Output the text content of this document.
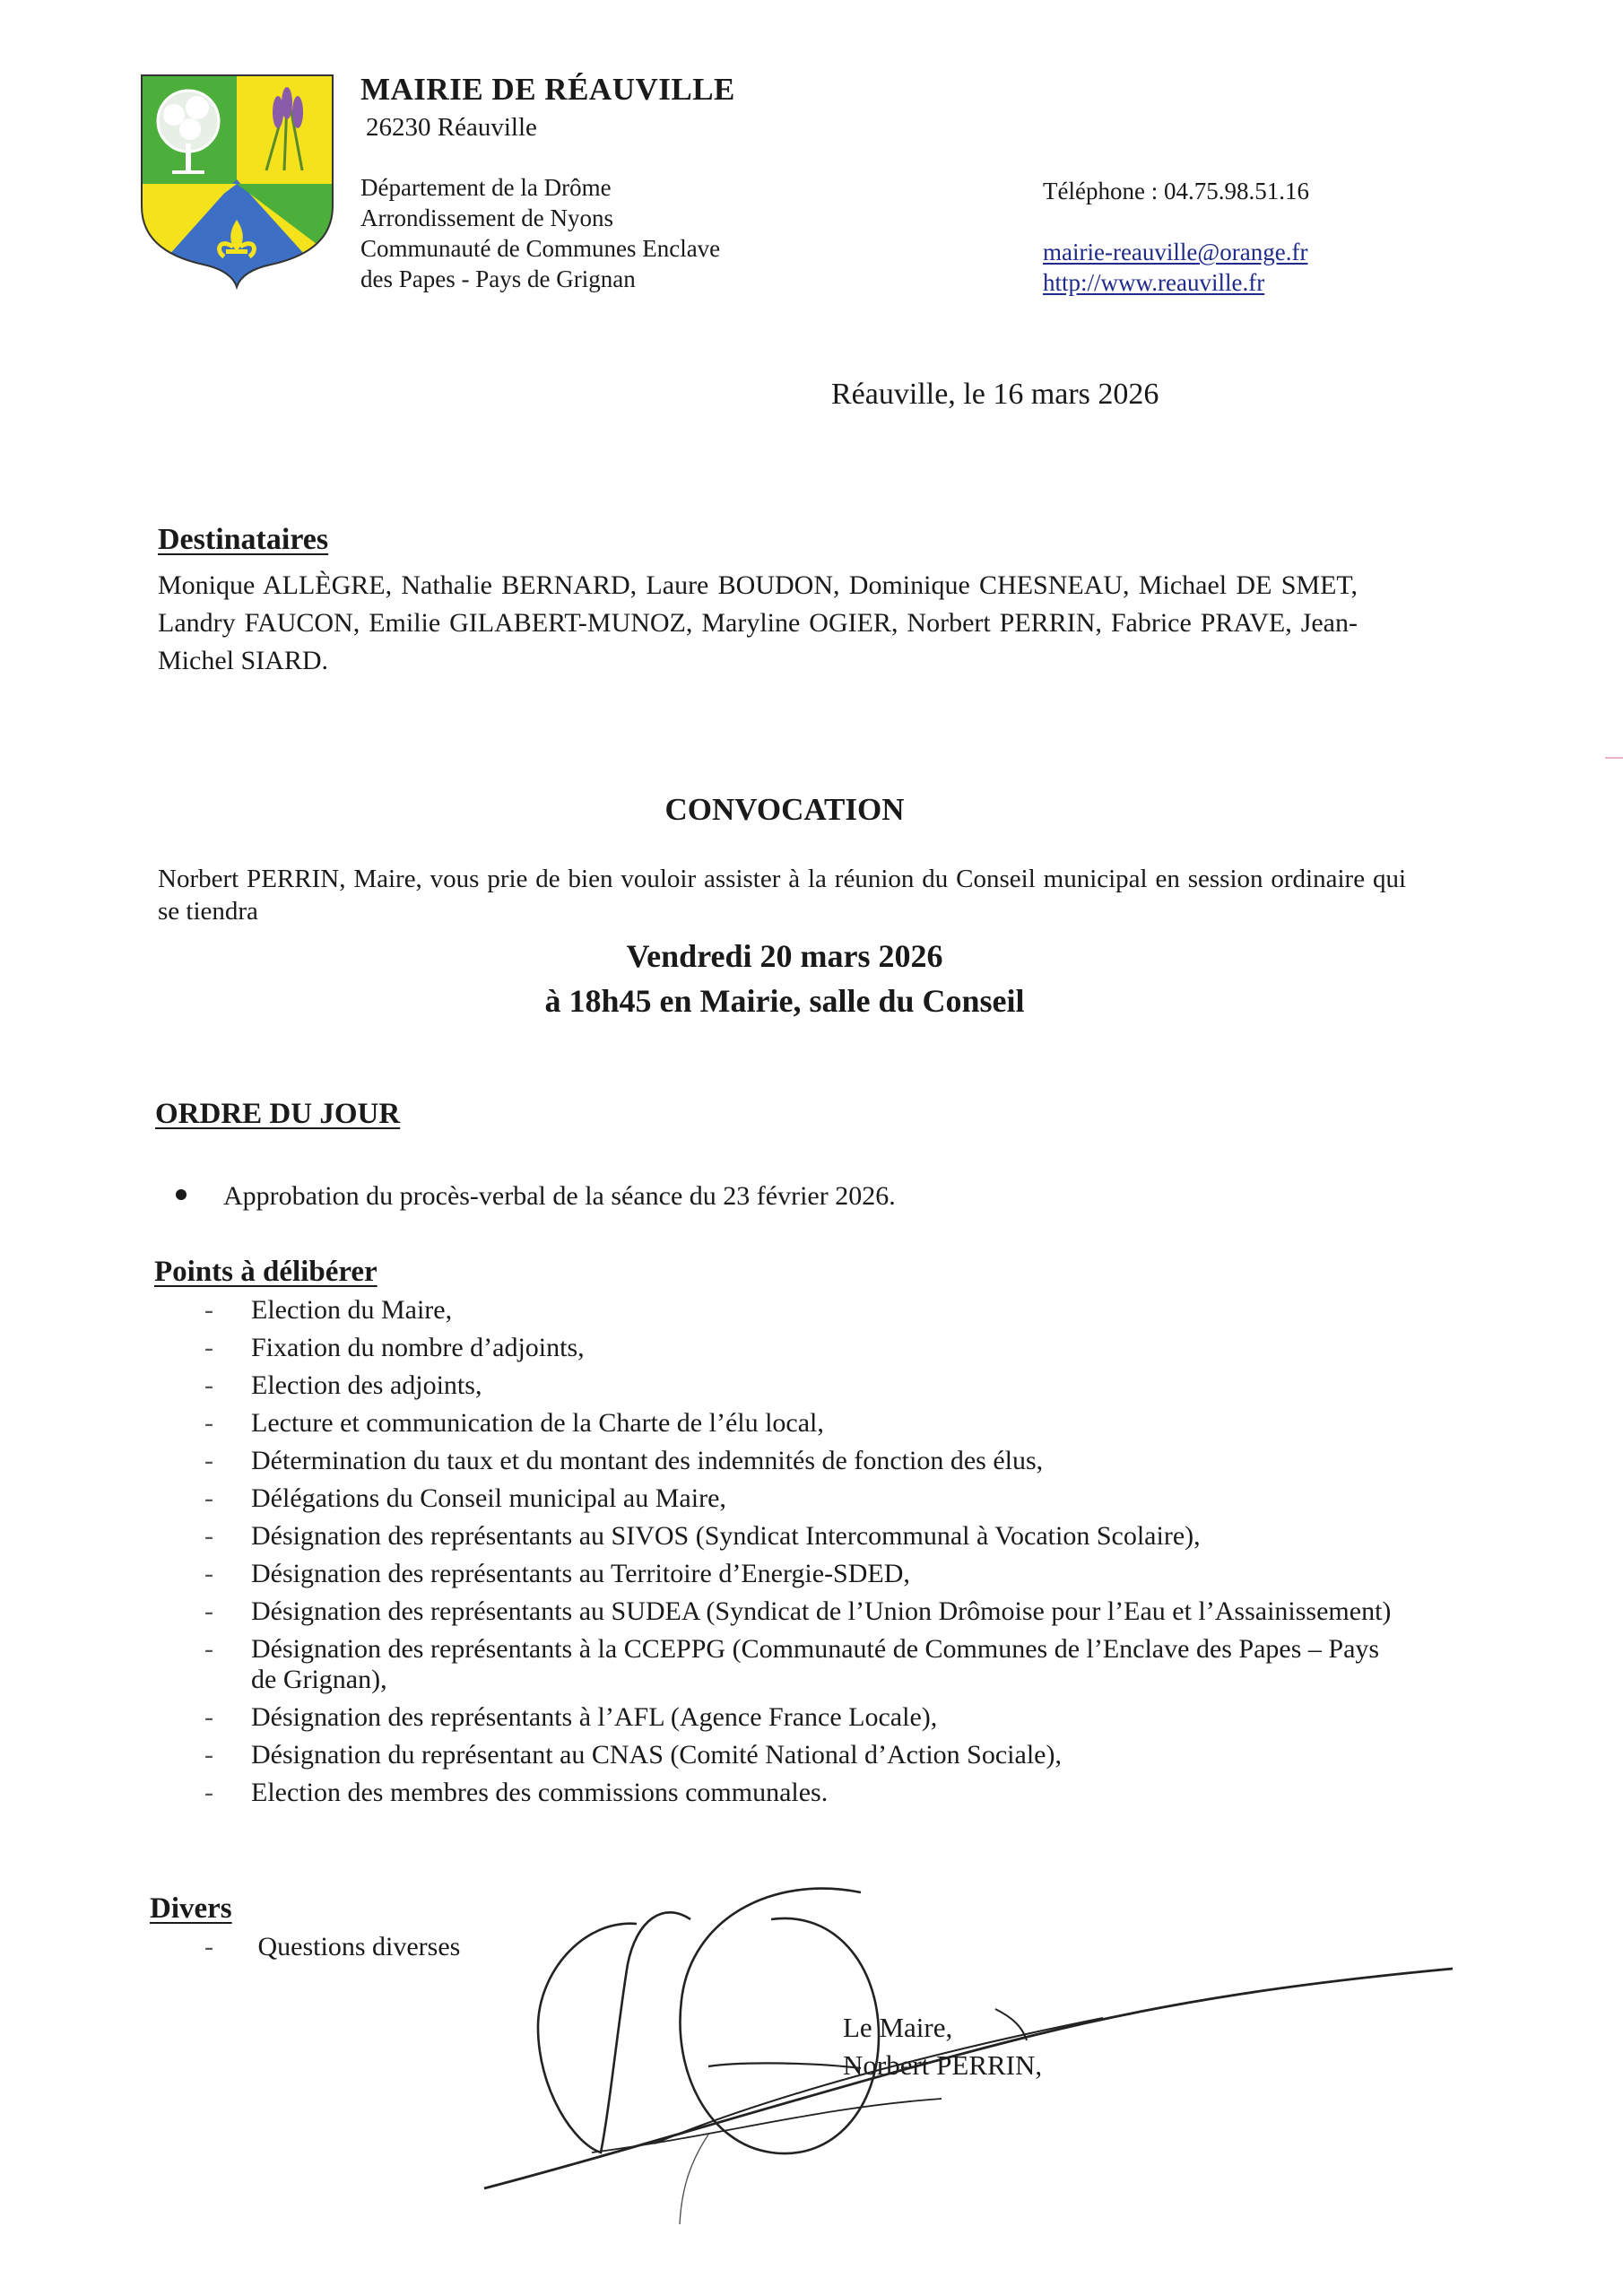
MAIRIE DE RÉAUVILLE
26230 Réauville
Département de la Drôme
Arrondissement de Nyons
Communauté de Communes Enclave
des Papes - Pays de Grignan
Téléphone : 04.75.98.51.16
mairie-reauville@orange.fr
http://www.reauville.fr
Réauville, le 16 mars 2026
Destinataires
Monique ALLÈGRE, Nathalie BERNARD, Laure BOUDON, Dominique CHESNEAU, Michael DE SMET, Landry FAUCON, Emilie GILABERT-MUNOZ, Maryline OGIER, Norbert PERRIN, Fabrice PRAVE, Jean-Michel SIARD.
CONVOCATION
Norbert PERRIN, Maire, vous prie de bien vouloir assister à la réunion du Conseil municipal en session ordinaire qui se tiendra
Vendredi 20 mars 2026
à 18h45 en Mairie, salle du Conseil
ORDRE DU JOUR
Approbation du procès-verbal de la séance du 23 février 2026.
Points à délibérer
- Election du Maire,
- Fixation du nombre d’adjoints,
- Election des adjoints,
- Lecture et communication de la Charte de l’élu local,
- Détermination du taux et du montant des indemnités de fonction des élus,
- Délégations du Conseil municipal au Maire,
- Désignation des représentants au SIVOS (Syndicat Intercommunal à Vocation Scolaire),
- Désignation des représentants au Territoire d’Energie-SDED,
- Désignation des représentants au SUDEA (Syndicat de l’Union Drômoise pour l’Eau et l’Assainissement)
- Désignation des représentants à la CCEPPG (Communauté de Communes de l’Enclave des Papes – Pays de Grignan),
- Désignation des représentants à l’AFL (Agence France Locale),
- Désignation du représentant au CNAS (Comité National d’Action Sociale),
- Election des membres des commissions communales.
Divers
- Questions diverses
Le Maire,
Norbert PERRIN,
